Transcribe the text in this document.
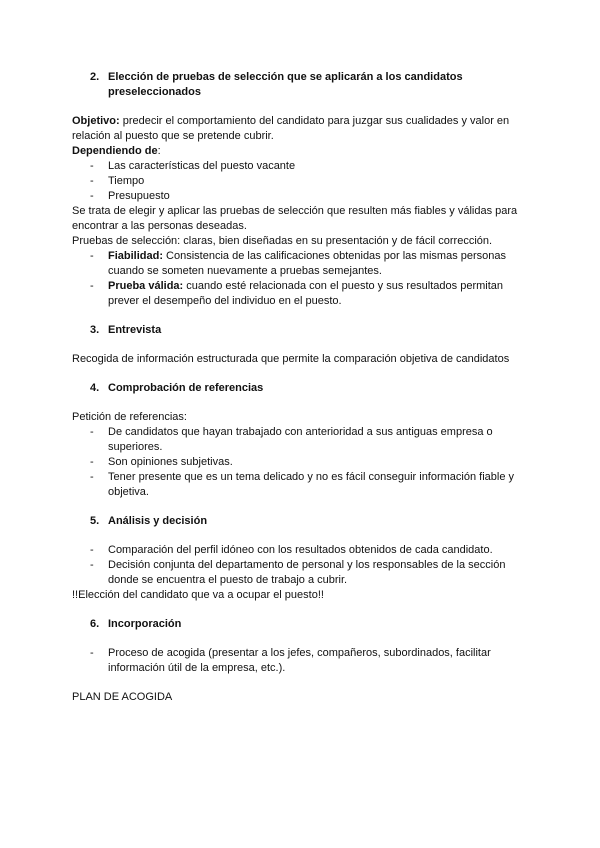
2. Elección de pruebas de selección que se aplicarán a los candidatos
preseleccionados
Objetivo: predecir el comportamiento del candidato para juzgar sus cualidades y valor en
relación al puesto que se pretende cubrir.
Dependiendo de:
- Las características del puesto vacante
- Tiempo
- Presupuesto
Se trata de elegir y aplicar las pruebas de selección que resulten más fiables y válidas para
encontrar a las personas deseadas.
Pruebas de selección: claras, bien diseñadas en su presentación y de fácil corrección.
- Fiabilidad: Consistencia de las calificaciones obtenidas por las mismas personas
cuando se someten nuevamente a pruebas semejantes.
- Prueba válida: cuando esté relacionada con el puesto y sus resultados permitan
prever el desempeño del individuo en el puesto.
3. Entrevista
Recogida de información estructurada que permite la comparación objetiva de candidatos
4. Comprobación de referencias
Petición de referencias:
- De candidatos que hayan trabajado con anterioridad a sus antiguas empresa o
superiores.
- Son opiniones subjetivas.
- Tener presente que es un tema delicado y no es fácil conseguir información fiable y
objetiva.
5. Análisis y decisión
- Comparación del perfil idóneo con los resultados obtenidos de cada candidato.
- Decisión conjunta del departamento de personal y los responsables de la sección
donde se encuentra el puesto de trabajo a cubrir.
!!Elección del candidato que va a ocupar el puesto!!
6. Incorporación
- Proceso de acogida (presentar a los jefes, compañeros, subordinados, facilitar
información útil de la empresa, etc.).
PLAN DE ACOGIDA
